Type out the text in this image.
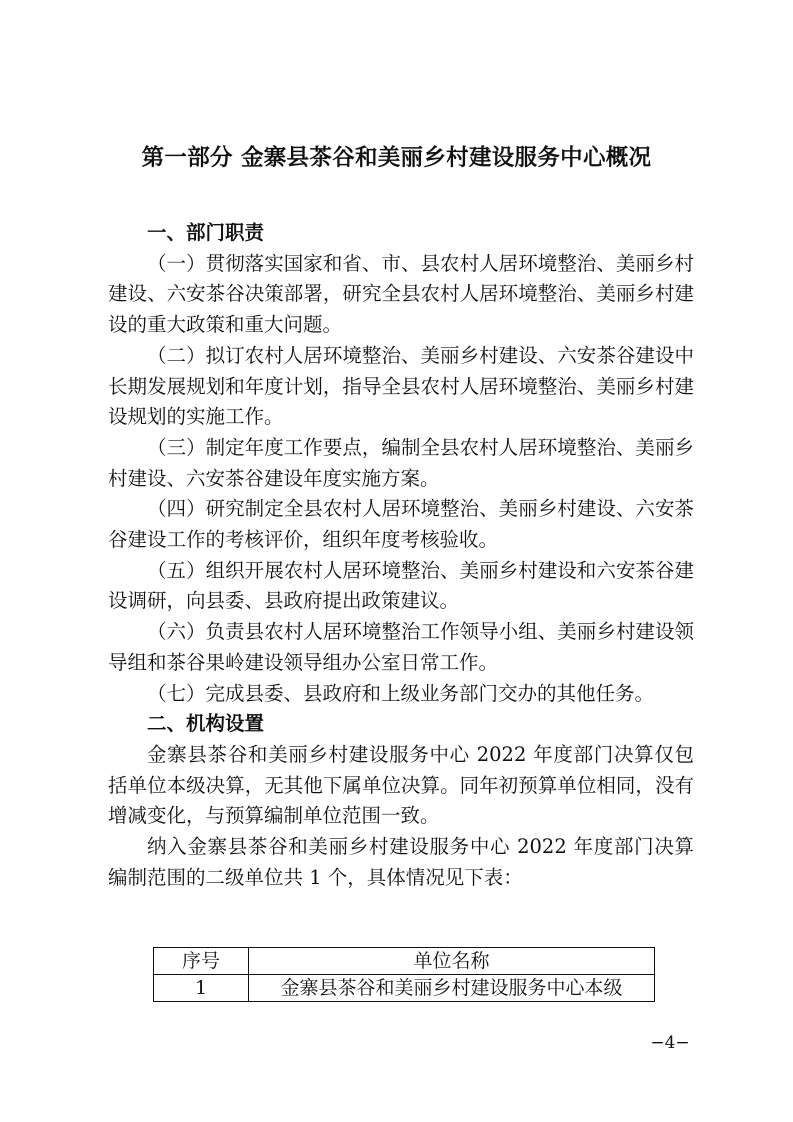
第一部分 金寨县茶谷和美丽乡村建设服务中心概况

一、部门职责

（一）贯彻落实国家和省、市、县农村人居环境整治、美丽乡村建设、六安茶谷决策部署，研究全县农村人居环境整治、美丽乡村建设的重大政策和重大问题。

（二）拟订农村人居环境整治、美丽乡村建设、六安茶谷建设中长期发展规划和年度计划，指导全县农村人居环境整治、美丽乡村建设规划的实施工作。

（三）制定年度工作要点，编制全县农村人居环境整治、美丽乡村建设、六安茶谷建设年度实施方案。

（四）研究制定全县农村人居环境整治、美丽乡村建设、六安茶谷建设工作的考核评价，组织年度考核验收。

（五）组织开展农村人居环境整治、美丽乡村建设和六安茶谷建设调研，向县委、县政府提出政策建议。

（六）负责县农村人居环境整治工作领导小组、美丽乡村建设领导组和茶谷果岭建设领导组办公室日常工作。

（七）完成县委、县政府和上级业务部门交办的其他任务。

二、机构设置

金寨县茶谷和美丽乡村建设服务中心 2022 年度部门决算仅包括单位本级决算，无其他下属单位决算。同年初预算单位相同，没有增减变化，与预算编制单位范围一致。

纳入金寨县茶谷和美丽乡村建设服务中心 2022 年度部门决算编制范围的二级单位共 1 个，具体情况见下表：

序号	单位名称
1	金寨县茶谷和美丽乡村建设服务中心本级
−4−
